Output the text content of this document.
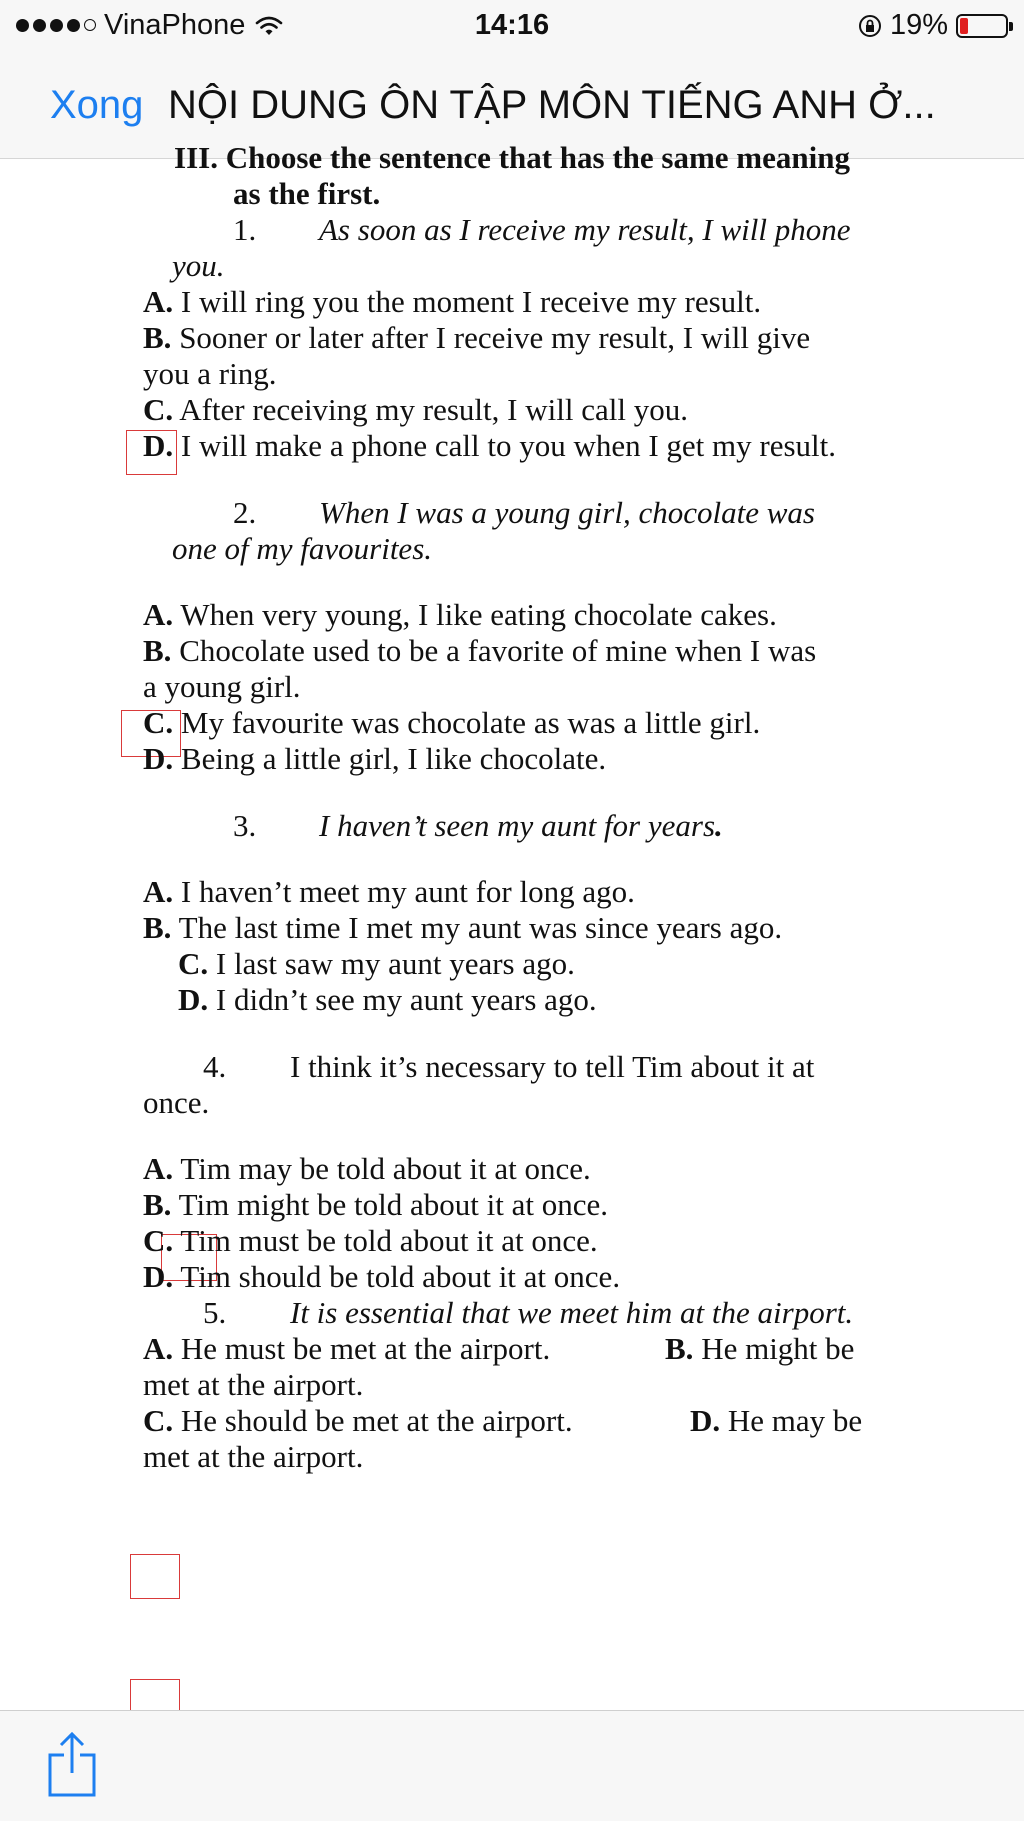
VinaPhone	14:16	19%
Xong NỘI DUNG ÔN TẬP MÔN TIẾNG ANH Ở...
III. Choose the sentence that has the same meaning
as the first.
1. As soon as I receive my result, I will phone
you.
A. I will ring you the moment I receive my result.
B. Sooner or later after I receive my result, I will give
you a ring.
C. After receiving my result, I will call you.
D. I will make a phone call to you when I get my result.
2. When I was a young girl, chocolate was
one of my favourites.
A. When very young, I like eating chocolate cakes.
B. Chocolate used to be a favorite of mine when I was
a young girl.
C. My favourite was chocolate as was a little girl.
D. Being a little girl, I like chocolate.
3. I haven’t seen my aunt for years.
A. I haven’t meet my aunt for long ago.
B. The last time I met my aunt was since years ago.
C. I last saw my aunt years ago.
D. I didn’t see my aunt years ago.
4. I think it’s necessary to tell Tim about it at
once.
A. Tim may be told about it at once.
B. Tim might be told about it at once.
C. Tim must be told about it at once.
D. Tim should be told about it at once.
5. It is essential that we meet him at the airport.
A. He must be met at the airport.	B. He might be
met at the airport.
C. He should be met at the airport.	D. He may be
met at the airport.
